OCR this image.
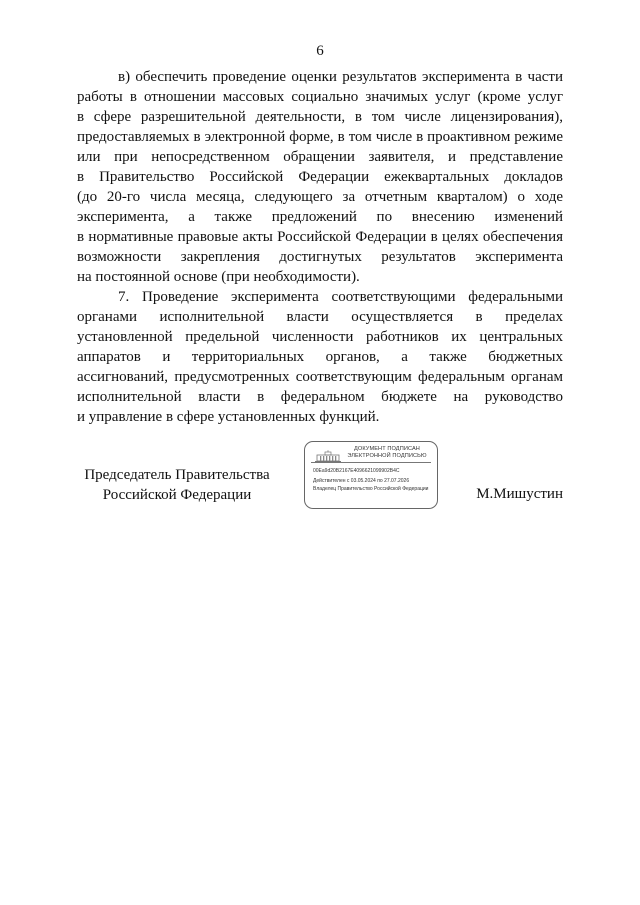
6
в) обеспечить проведение оценки результатов эксперимента в части
работы в отношении массовых социально значимых услуг (кроме услуг
в сфере разрешительной деятельности, в том числе лицензирования),
предоставляемых в электронной форме, в том числе в проактивном режиме
или при непосредственном обращении заявителя, и представление
в Правительство Российской Федерации ежеквартальных докладов
(до 20-го числа месяца, следующего за отчетным кварталом) о ходе
эксперимента, а также предложений по внесению изменений
в нормативные правовые акты Российской Федерации в целях обеспечения
возможности закрепления достигнутых результатов эксперимента
на постоянной основе (при необходимости).
7. Проведение эксперимента соответствующими федеральными
органами исполнительной власти осуществляется в пределах
установленной предельной численности работников их центральных
аппаратов и территориальных органов, а также бюджетных
ассигнований, предусмотренных соответствующим федеральным органам
исполнительной власти в федеральном бюджете на руководство
и управление в сфере установленных функций.
Председатель Правительства
Российской Федерации
ДОКУМЕНТ ПОДПИСАН
ЭЛЕКТРОННОЙ ПОДПИСЬЮ
00Ea9d20B2167E4096621099902B4C
Действителен с 03.05.2024 по 27.07.2026
Владелец Правительство Российской Федерации	М.Мишустин
